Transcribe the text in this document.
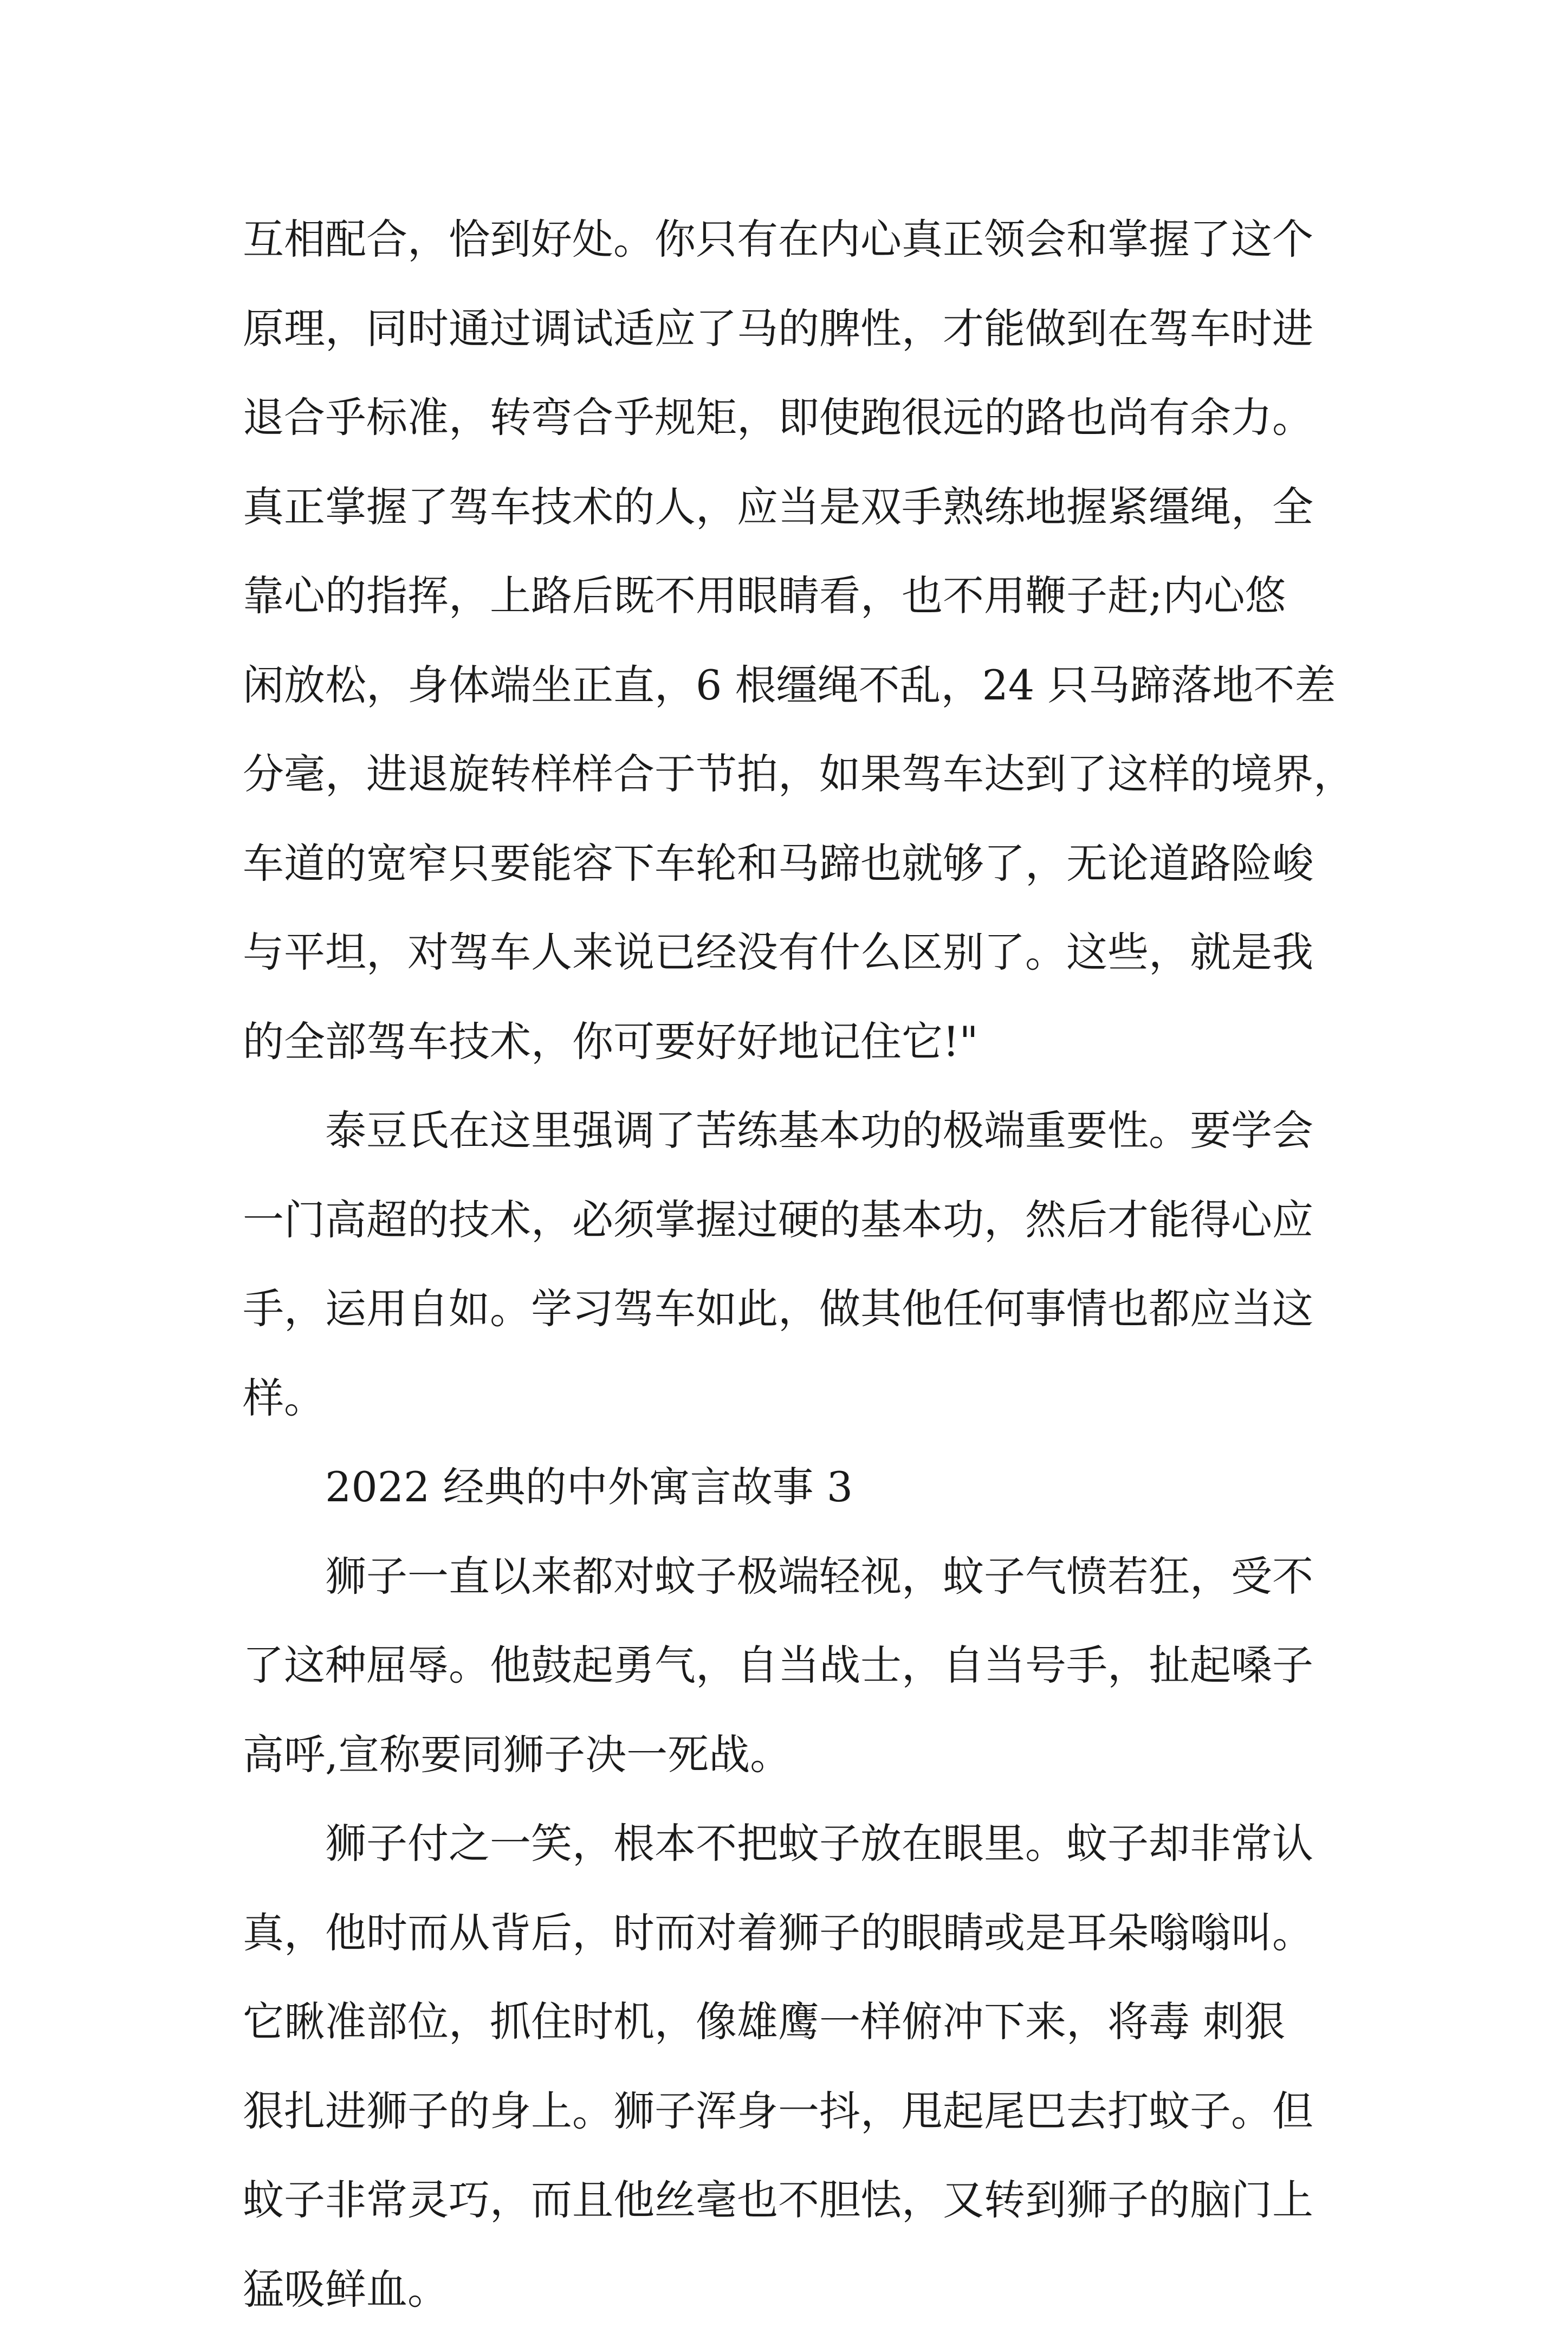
互相配合，恰到好处。你只有在内心真正领会和掌握了这个

原理，同时通过调试适应了马的脾性，才能做到在驾车时进

退合乎标准，转弯合乎规矩，即使跑很远的路也尚有余力。

真正掌握了驾车技术的人，应当是双手熟练地握紧缰绳，全

靠心的指挥，上路后既不用眼睛看，也不用鞭子赶;内心悠

闲放松，身体端坐正直，6 根缰绳不乱，24 只马蹄落地不差

分毫，进退旋转样样合于节拍，如果驾车达到了这样的境界，

车道的宽窄只要能容下车轮和马蹄也就够了，无论道路险峻

与平坦，对驾车人来说已经没有什么区别了。这些，就是我

的全部驾车技术，你可要好好地记住它!"

泰豆氏在这里强调了苦练基本功的极端重要性。要学会

一门高超的技术，必须掌握过硬的基本功，然后才能得心应

手，运用自如。学习驾车如此，做其他任何事情也都应当这

样。

2022 经典的中外寓言故事 3

狮子一直以来都对蚊子极端轻视，蚊子气愤若狂，受不

了这种屈辱。他鼓起勇气，自当战士，自当号手，扯起嗓子

高呼,宣称要同狮子决一死战。

狮子付之一笑，根本不把蚊子放在眼里。蚊子却非常认

真，他时而从背后，时而对着狮子的眼睛或是耳朵嗡嗡叫。

它瞅准部位，抓住时机，像雄鹰一样俯冲下来，将毒 刺狠

狠扎进狮子的身上。狮子浑身一抖，甩起尾巴去打蚊子。但

蚊子非常灵巧，而且他丝毫也不胆怯，又转到狮子的脑门上

猛吸鲜血。
